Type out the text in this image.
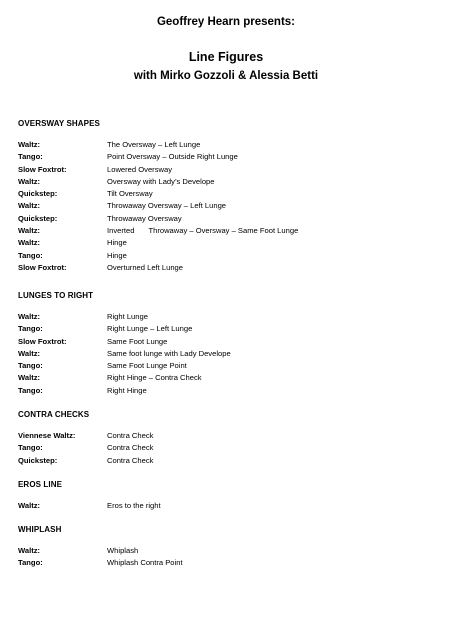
Geoffrey Hearn presents:
Line Figures
with Mirko Gozzoli & Alessia Betti
OVERSWAY SHAPES
Waltz:	The Oversway – Left Lunge
Tango:	Point Oversway – Outside Right Lunge
Slow Foxtrot:	Lowered Oversway
Waltz:	Oversway with Lady’s Develope
Quickstep:	Tilt Oversway
Waltz:	Throwaway Oversway – Left Lunge
Quickstep:	Throwaway Oversway
Waltz:	Inverted Throwaway – Oversway – Same Foot Lunge
Waltz:	Hinge
Tango:	Hinge
Slow Foxtrot:	Overturned Left Lunge
LUNGES TO RIGHT
Waltz:	Right Lunge
Tango:	Right Lunge – Left Lunge
Slow Foxtrot:	Same Foot Lunge
Waltz:	Same foot lunge with Lady Develope
Tango:	Same Foot Lunge Point
Waltz:	Right Hinge – Contra Check
Tango:	Right Hinge
CONTRA CHECKS
Viennese Waltz:	Contra Check
Tango:	Contra Check
Quickstep:	Contra Check
EROS LINE
Waltz:	Eros to the right
WHIPLASH
Waltz:	Whiplash
Tango:	Whiplash Contra Point
